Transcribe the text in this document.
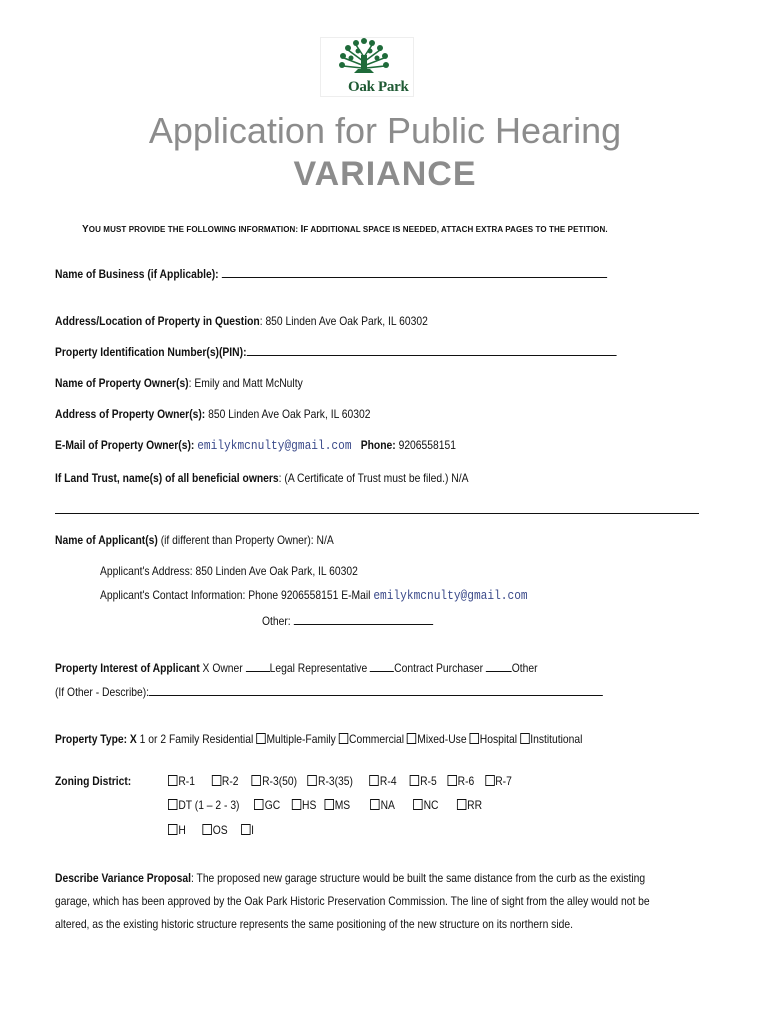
Oak Park
Application for Public Hearing
VARIANCE
YOU MUST PROVIDE THE FOLLOWING INFORMATION: IF ADDITIONAL SPACE IS NEEDED, ATTACH EXTRA PAGES TO THE PETITION.
Name of Business (if Applicable):
Address/Location of Property in Question: 850 Linden Ave Oak Park, IL 60302
Property Identification Number(s)(PIN):
Name of Property Owner(s): Emily and Matt McNulty
Address of Property Owner(s): 850 Linden Ave Oak Park, IL 60302
E-Mail of Property Owner(s): emilykmcnulty@gmail.com Phone: 9206558151
If Land Trust, name(s) of all beneficial owners: (A Certificate of Trust must be filed.) N/A
Name of Applicant(s) (if different than Property Owner): N/A
Applicant's Address: 850 Linden Ave Oak Park, IL 60302
Applicant's Contact Information: Phone 9206558151 E-Mail emilykmcnulty@gmail.com
Other:
Property Interest of Applicant X Owner Legal Representative Contract Purchaser Other
(If Other - Describe):
Property Type: X 1 or 2 Family Residential Multiple-Family Commercial Mixed-Use Hospital Institutional
Zoning District:	R-1 R-2 R-3(50) R-3(35) R-4 R-5 R-6 R-7
DT (1 – 2 - 3) GC HS MS	NA NC RR
H OS I
Describe Variance Proposal: The proposed new garage structure would be built the same distance from the curb as the existing
garage, which has been approved by the Oak Park Historic Preservation Commission. The line of sight from the alley would not be
altered, as the existing historic structure represents the same positioning of the new structure on its northern side.
